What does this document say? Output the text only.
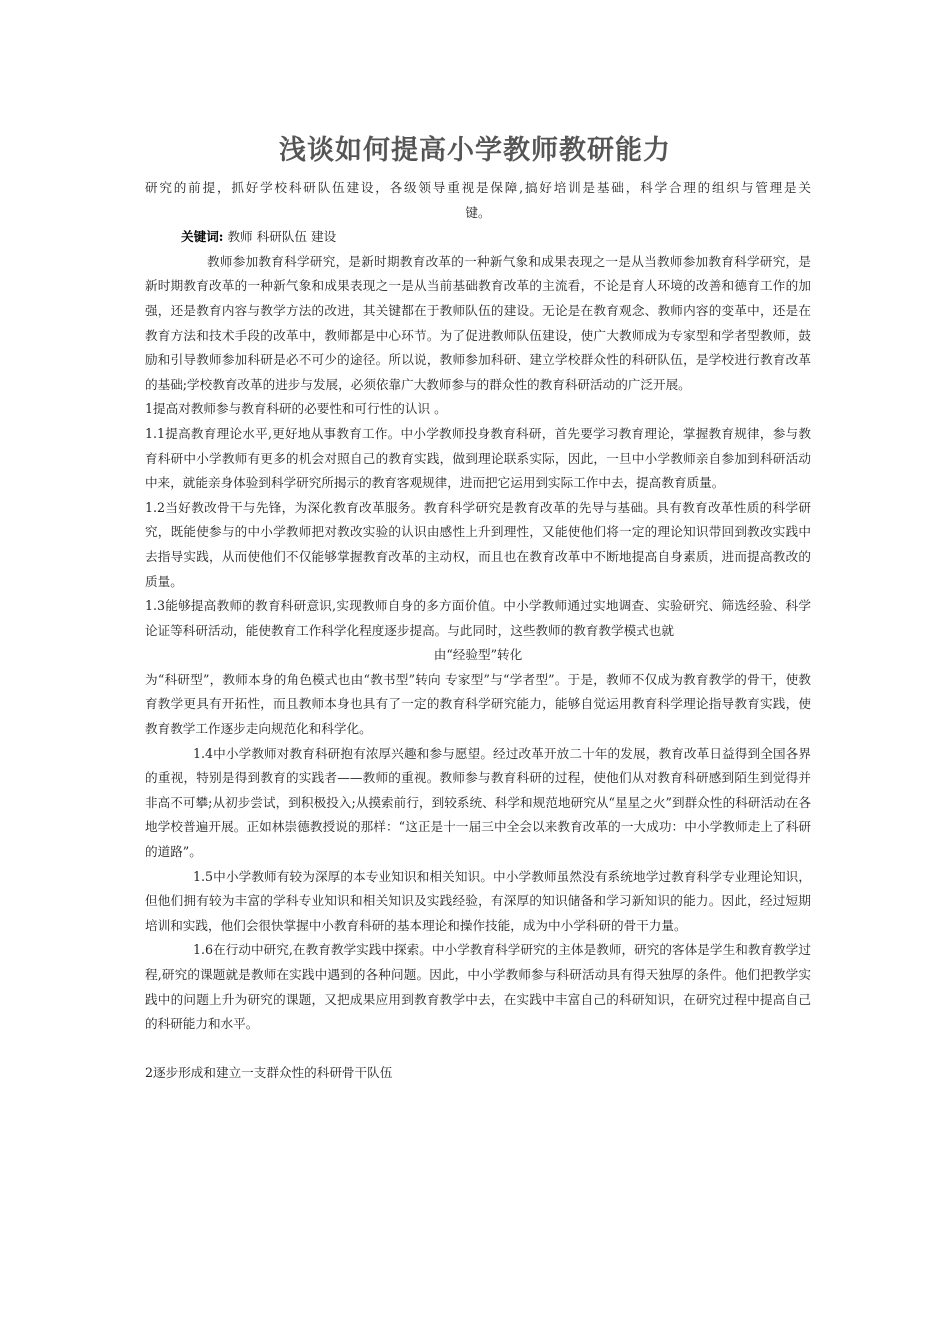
浅谈如何提高小学教师教研能力

研究的前提，抓好学校科研队伍建设，各级领导重视是保障,搞好培训是基础，科学合理的组织与管理是关

键。

关键词: 教师 科研队伍 建设

教师参加教育科学研究，是新时期教育改革的一种新气象和成果表现之一是从当教师参加教育科学研究，是新时期教育改革的一种新气象和成果表现之一是从当前基础教育改革的主流看，不论是育人环境的改善和德育工作的加强，还是教育内容与教学方法的改进，其关键都在于教师队伍的建设。无论是在教育观念、教师内容的变革中，还是在教育方法和技术手段的改革中，教师都是中心环节。为了促进教师队伍建设，使广大教师成为专家型和学者型教师，鼓励和引导教师参加科研是必不可少的途径。所以说，教师参加科研、建立学校群众性的科研队伍，是学校进行教育改革的基础;学校教育改革的进步与发展，必须依靠广大教师参与的群众性的教育科研活动的广泛开展。

1提高对教师参与教育科研的必要性和可行性的认识 。

1.1提高教育理论水平,更好地从事教育工作。中小学教师投身教育科研，首先要学习教育理论，掌握教育规律，参与教育科研中小学教师有更多的机会对照自己的教育实践，做到理论联系实际，因此，一旦中小学教师亲自参加到科研活动中来，就能亲身体验到科学研究所揭示的教育客观规律，进而把它运用到实际工作中去，提高教育质量。

1.2当好教改骨干与先锋，为深化教育改革服务。教育科学研究是教育改革的先导与基础。具有教育改革性质的科学研究，既能使参与的中小学教师把对教改实验的认识由感性上升到理性，又能使他们将一定的理论知识带回到教改实践中去指导实践，从而使他们不仅能够掌握教育改革的主动权，而且也在教育改革中不断地提高自身素质，进而提高教改的质量。

1.3能够提高教师的教育科研意识,实现教师自身的多方面价值。中小学教师通过实地调查、实验研究、筛选经验、科学论证等科研活动，能使教育工作科学化程度逐步提高。与此同时，这些教师的教育教学模式也就

由“经验型”转化

为“科研型”，教师本身的角色模式也由“教书型”转向 专家型”与“学者型”。于是，教师不仅成为教育教学的骨干，使教育教学更具有开拓性，而且教师本身也具有了一定的教育科学研究能力，能够自觉运用教育科学理论指导教育实践，使教育教学工作逐步走向规范化和科学化。

1.4中小学教师对教育科研抱有浓厚兴趣和参与愿望。经过改革开放二十年的发展，教育改革日益得到全国各界的重视，特别是得到教育的实践者——教师的重视。教师参与教育科研的过程，使他们从对教育科研感到陌生到觉得并非高不可攀;从初步尝试，到积极投入;从摸索前行，到较系统、科学和规范地研究从“星星之火”到群众性的科研活动在各地学校普遍开展。正如林崇德教授说的那样：“这正是十一届三中全会以来教育改革的一大成功：中小学教师走上了科研的道路”。

1.5中小学教师有较为深厚的本专业知识和相关知识。中小学教师虽然没有系统地学过教育科学专业理论知识，但他们拥有较为丰富的学科专业知识和相关知识及实践经验，有深厚的知识储备和学习新知识的能力。因此，经过短期培训和实践，他们会很快掌握中小教育科研的基本理论和操作技能，成为中小学科研的骨干力量。

1.6在行动中研究,在教育教学实践中探索。中小学教育科学研究的主体是教师，研究的客体是学生和教育教学过程,研究的课题就是教师在实践中遇到的各种问题。因此，中小学教师参与科研活动具有得天独厚的条件。他们把教学实践中的问题上升为研究的课题，又把成果应用到教育教学中去，在实践中丰富自己的科研知识，在研究过程中提高自己的科研能力和水平。

2逐步形成和建立一支群众性的科研骨干队伍
